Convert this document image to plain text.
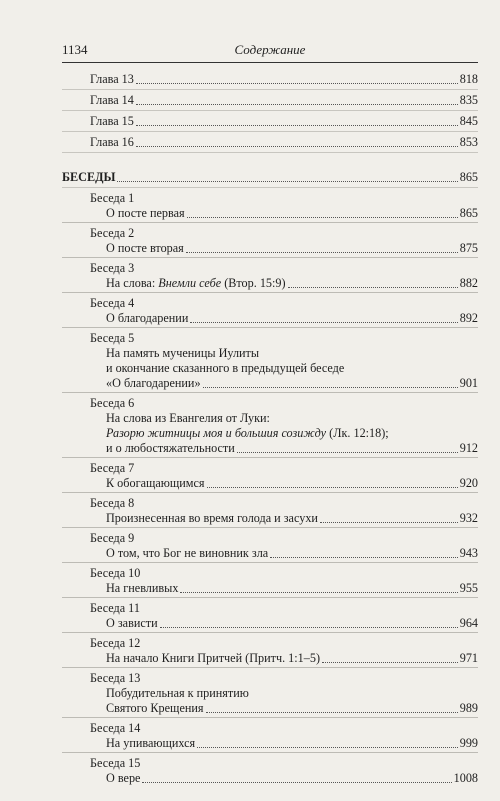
1134	Содержание
Глава 13	818
Глава 14	835
Глава 15	845
Глава 16	853
БЕСЕДЫ	865
Беседа 1
О посте первая	865
Беседа 2
О посте вторая	875
Беседа 3
На слова: Внемли себе (Втор. 15:9)	882
Беседа 4
О благодарении	892
Беседа 5
На память мученицы Иулиты
и окончание сказанного в предыдущей беседе
«О благодарении»	901
Беседа 6
На слова из Евангелия от Луки:
Разорю житницы моя и большия созижду (Лк. 12:18);
и о любостяжательности	912
Беседа 7
К обогащающимся	920
Беседа 8
Произнесенная во время голода и засухи	932
Беседа 9
О том, что Бог не виновник зла	943
Беседа 10
На гневливых	955
Беседа 11
О зависти	964
Беседа 12
На начало Книги Притчей (Притч. 1:1–5)	971
Беседа 13
Побудительная к принятию
Святого Крещения	989
Беседа 14
На упивающихся	999
Беседа 15
О вере	1008
